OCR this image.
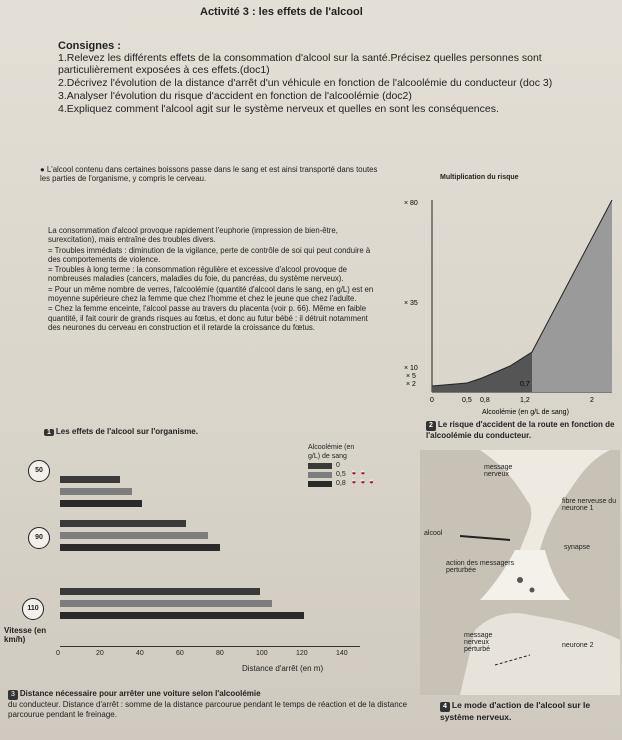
Activité 3 : les effets de l'alcool
Consignes :
1.Relevez les différents effets de la consommation d'alcool sur la santé.Précisez quelles personnes sont particulièrement exposées à ces effets.(doc1)
2.Décrivez l'évolution de la distance d'arrêt d'un véhicule en fonction de l'alcoolémie du conducteur (doc 3)
3.Analyser l'évolution du risque d'accident en fonction de l'alcoolémie (doc2)
4.Expliquez comment l'alcool agit sur le système nerveux et quelles en sont les conséquences.
● L'alcool contenu dans certaines boissons passe dans le sang et est ainsi transporté dans toutes les parties de l'organisme, y compris le cerveau.

La consommation d'alcool provoque rapidement l'euphorie (impression de bien-être, surexcitation), mais entraîne des troubles divers.

= Troubles immédiats : diminution de la vigilance, perte de contrôle de soi qui peut conduire à des comportements de violence.

= Troubles à long terme : la consommation régulière et excessive d'alcool provoque de nombreuses maladies (cancers, maladies du foie, du pancréas, du système nerveux).

= Pour un même nombre de verres, l'alcoolémie (quantité d'alcool dans le sang, en g/L) est en moyenne supérieure chez la femme que chez l'homme et chez le jeune que chez l'adulte.

= Chez la femme enceinte, l'alcool passe au travers du placenta (voir p. 66). Même en faible quantité, il fait courir de grands risques au fœtus, et donc au futur bébé : il détruit notamment des neurones du cerveau en construction et il retarde la croissance du fœtus.

1 Les effets de l'alcool sur l'organisme.
Multiplication du risque
× 80
× 35
× 10
× 5
× 2
0	0,5 0,8	1,2	2
0,7
Alcoolémie (en g/L de sang)
2 Le risque d'accident de la route en fonction de l'alcoolémie du conducteur.
Alcoolémie (en g/L) de sang
0
0,5 🍷🍷
0,8 🍷🍷🍷
50
90
110
Vitesse (en km/h)
0	20	40	60	80	100	120	140
Distance d'arrêt (en m)
3 Distance nécessaire pour arrêter une voiture selon l'alcoolémie
du conducteur. Distance d'arrêt : somme de la distance parcourue pendant le temps de réaction et de la distance parcourue pendant le freinage.
message nerveux
fibre nerveuse du neurone 1
alcool
synapse
action des messagers perturbée
message nerveux perturbé
neurone 2
4 Le mode d'action de l'alcool sur le système nerveux.
